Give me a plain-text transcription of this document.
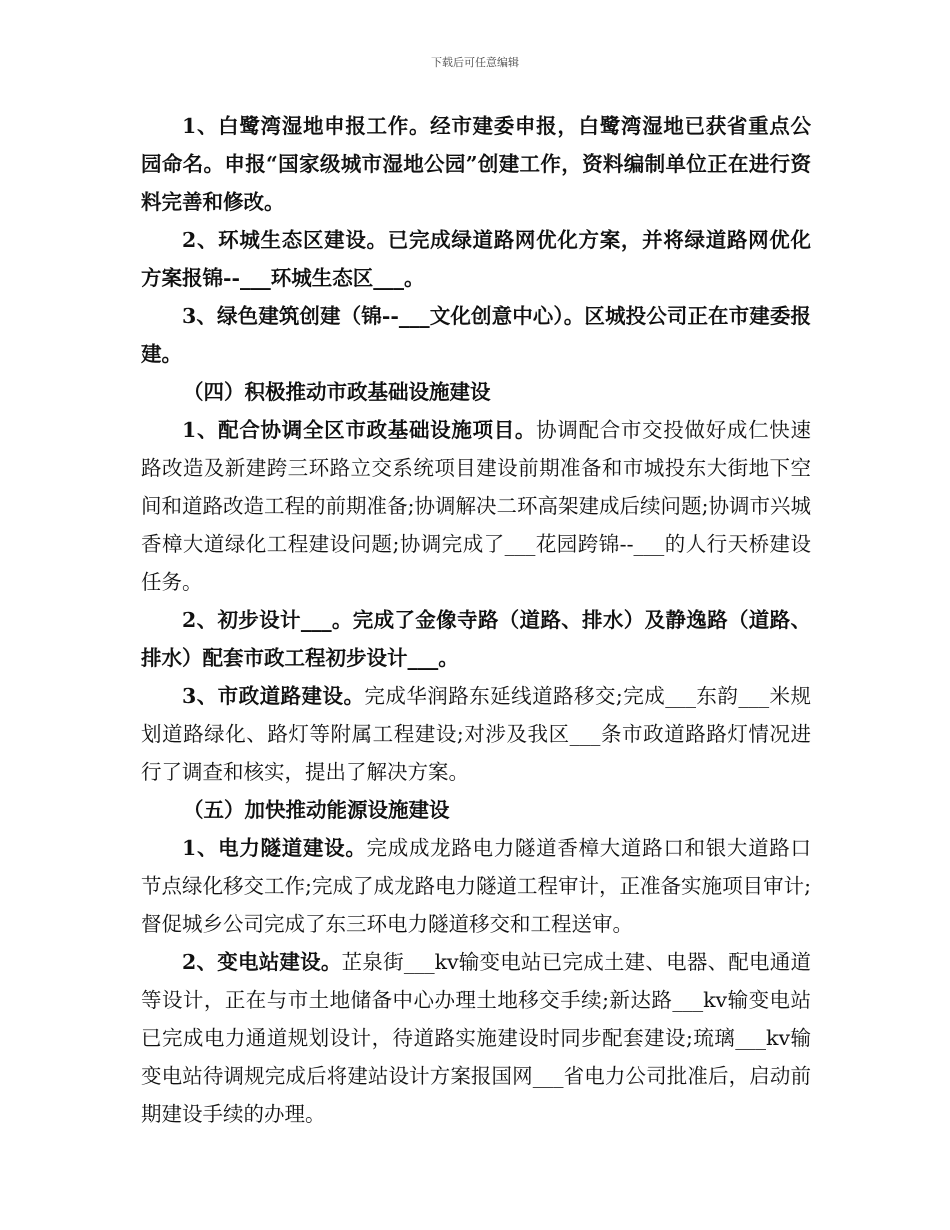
下载后可任意编辑

1、白鹭湾湿地申报工作。经市建委申报，白鹭湾湿地已获省重点公园命名。申报“国家级城市湿地公园”创建工作，资料编制单位正在进行资料完善和修改。

2、环城生态区建设。已完成绿道路网优化方案，并将绿道路网优化方案报锦--___环城生态区___。

3、绿色建筑创建（锦--___文化创意中心）。区城投公司正在市建委报建。

（四）积极推动市政基础设施建设

1、配合协调全区市政基础设施项目。协调配合市交投做好成仁快速路改造及新建跨三环路立交系统项目建设前期准备和市城投东大街地下空间和道路改造工程的前期准备;协调解决二环高架建成后续问题;协调市兴城香樟大道绿化工程建设问题;协调完成了___花园跨锦--___的人行天桥建设任务。

2、初步设计___。完成了金像寺路（道路、排水）及静逸路（道路、排水）配套市政工程初步设计___。

3、市政道路建设。完成华润路东延线道路移交;完成___东韵___米规划道路绿化、路灯等附属工程建设;对涉及我区___条市政道路路灯情况进行了调查和核实，提出了解决方案。

（五）加快推动能源设施建设

1、电力隧道建设。完成成龙路电力隧道香樟大道路口和银大道路口节点绿化移交工作;完成了成龙路电力隧道工程审计，正准备实施项目审计;督促城乡公司完成了东三环电力隧道移交和工程送审。

2、变电站建设。芷泉街___kv输变电站已完成土建、电器、配电通道等设计，正在与市土地储备中心办理土地移交手续;新达路___kv输变电站已完成电力通道规划设计，待道路实施建设时同步配套建设;琉璃___kv输变电站待调规完成后将建站设计方案报国网___省电力公司批准后，启动前期建设手续的办理。
